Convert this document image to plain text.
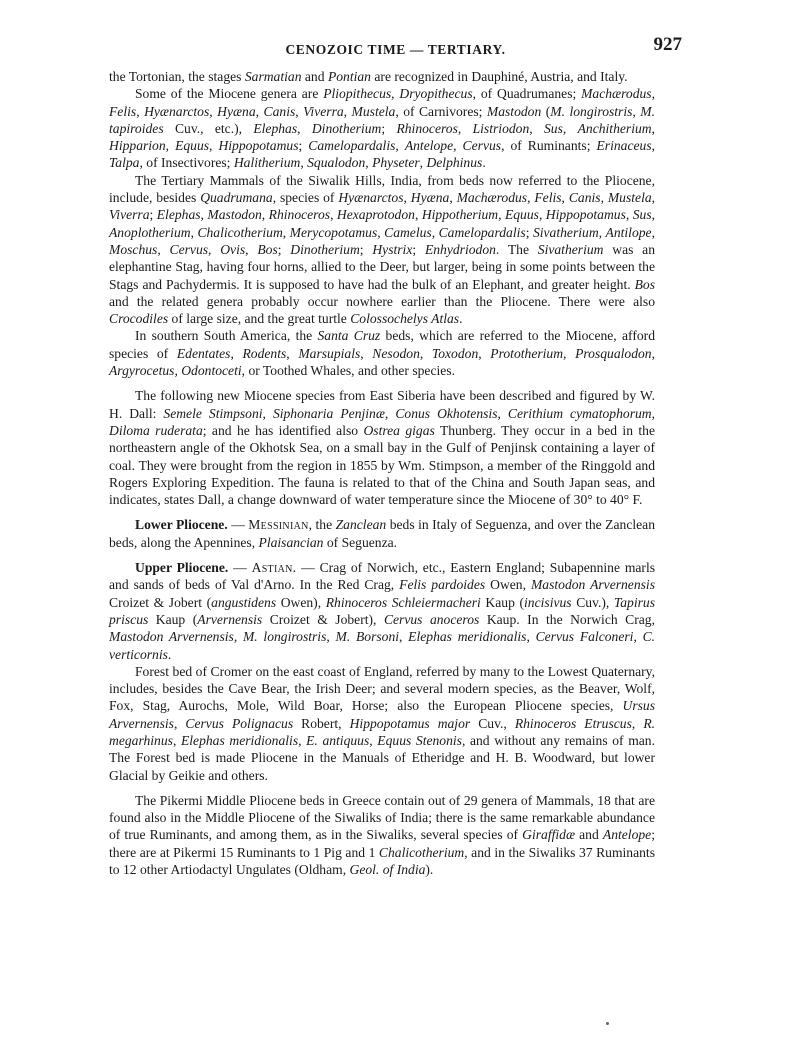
CENOZOIC TIME — TERTIARY.	927

the Tortonian, the stages Sarmatian and Pontian are recognized in Dauphiné, Austria, and Italy.

Some of the Miocene genera are Pliopithecus, Dryopithecus, of Quadrumanes; Machærodus, Felis, Hyænarctos, Hyæna, Canis, Viverra, Mustela, of Carnivores; Mastodon (M. longirostris, M. tapiroides Cuv., etc.), Elephas, Dinotherium; Rhinoceros, Listriodon, Sus, Anchitherium, Hipparion, Equus, Hippopotamus; Camelopardalis, Antelope, Cervus, of Ruminants; Erinaceus, Talpa, of Insectivores; Halitherium, Squalodon, Physeter, Delphinus.

The Tertiary Mammals of the Siwalik Hills, India, from beds now referred to the Pliocene, include, besides Quadrumana, species of Hyænarctos, Hyæna, Machærodus, Felis, Canis, Mustela, Viverra; Elephas, Mastodon, Rhinoceros, Hexaprotodon, Hippotherium, Equus, Hippopotamus, Sus, Anoplotherium, Chalicotherium, Merycopotamus, Camelus, Camelopardalis; Sivatherium, Antilope, Moschus, Cervus, Ovis, Bos; Dinotherium; Hystrix; Enhydriodon. The Sivatherium was an elephantine Stag, having four horns, allied to the Deer, but larger, being in some points between the Stags and Pachydermis. It is supposed to have had the bulk of an Elephant, and greater height. Bos and the related genera probably occur nowhere earlier than the Pliocene. There were also Crocodiles of large size, and the great turtle Colossochelys Atlas.

In southern South America, the Santa Cruz beds, which are referred to the Miocene, afford species of Edentates, Rodents, Marsupials, Nesodon, Toxodon, Prototherium, Prosqualodon, Argyrocetus, Odontoceti, or Toothed Whales, and other species.

The following new Miocene species from East Siberia have been described and figured by W. H. Dall: Semele Stimpsoni, Siphonaria Penjinæ, Conus Okhotensis, Cerithium cymatophorum, Diloma ruderata; and he has identified also Ostrea gigas Thunberg. They occur in a bed in the northeastern angle of the Okhotsk Sea, on a small bay in the Gulf of Penjinsk containing a layer of coal. They were brought from the region in 1855 by Wm. Stimpson, a member of the Ringgold and Rogers Exploring Expedition. The fauna is related to that of the China and South Japan seas, and indicates, states Dall, a change downward of water temperature since the Miocene of 30° to 40° F.

Lower Pliocene. — Messinian, the Zanclean beds in Italy of Seguenza, and over the Zanclean beds, along the Apennines, Plaisancian of Seguenza.

Upper Pliocene. — Astian. — Crag of Norwich, etc., Eastern England; Subapennine marls and sands of beds of Val d'Arno. In the Red Crag, Felis pardoides Owen, Mastodon Arvernensis Croizet & Jobert (angustidens Owen), Rhinoceros Schleiermacheri Kaup (incisivus Cuv.), Tapirus priscus Kaup (Arvernensis Croizet & Jobert), Cervus anoceros Kaup. In the Norwich Crag, Mastodon Arvernensis, M. longirostris, M. Borsoni, Elephas meridionalis, Cervus Falconeri, C. verticornis.

Forest bed of Cromer on the east coast of England, referred by many to the Lowest Quaternary, includes, besides the Cave Bear, the Irish Deer; and several modern species, as the Beaver, Wolf, Fox, Stag, Aurochs, Mole, Wild Boar, Horse; also the European Pliocene species, Ursus Arvernensis, Cervus Polignacus Robert, Hippopotamus major Cuv., Rhinoceros Etruscus, R. megarhinus, Elephas meridionalis, E. antiquus, Equus Stenonis, and without any remains of man. The Forest bed is made Pliocene in the Manuals of Etheridge and H. B. Woodward, but lower Glacial by Geikie and others.

The Pikermi Middle Pliocene beds in Greece contain out of 29 genera of Mammals, 18 that are found also in the Middle Pliocene of the Siwaliks of India; there is the same remarkable abundance of true Ruminants, and among them, as in the Siwaliks, several species of Giraffidæ and Antelope; there are at Pikermi 15 Ruminants to 1 Pig and 1 Chalicotherium, and in the Siwaliks 37 Ruminants to 12 other Artiodactyl Ungulates (Oldham, Geol. of India).
